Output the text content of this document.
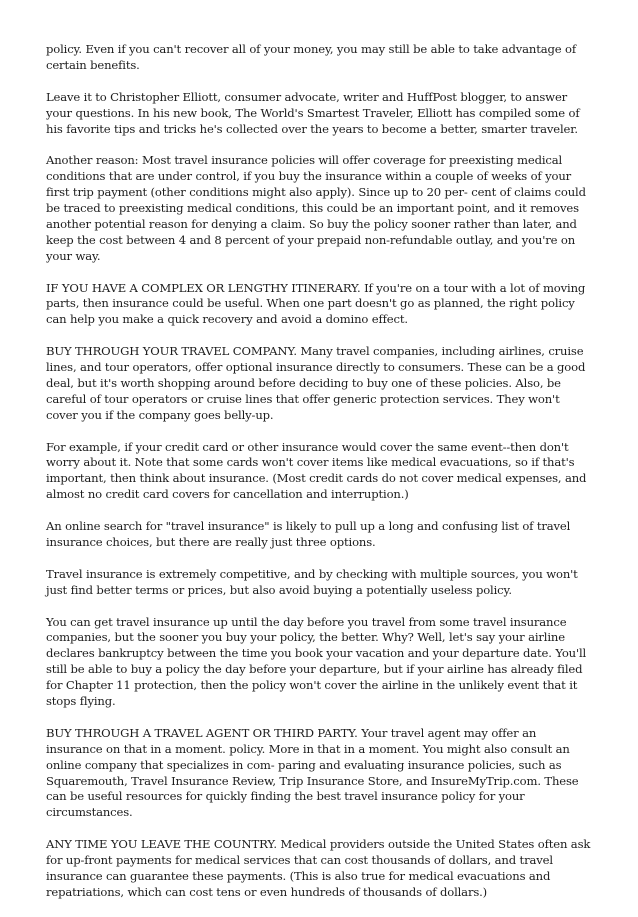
policy. Even if you can't recover all of your money, you may still be able to take advantage of certain benefits.

Leave it to Christopher Elliott, consumer advocate, writer and HuffPost blogger, to answer your questions. In his new book, The World's Smartest Traveler, Elliott has compiled some of his favorite tips and tricks he's collected over the years to become a better, smarter traveler.

Another reason: Most travel insurance policies will offer coverage for preexisting medical conditions that are under control, if you buy the insurance within a couple of weeks of your first trip payment (other conditions might also apply). Since up to 20 per- cent of claims could be traced to preexisting medical conditions, this could be an important point, and it removes another potential reason for denying a claim. So buy the policy sooner rather than later, and keep the cost between 4 and 8 percent of your prepaid non-refundable outlay, and you're on your way.

IF YOU HAVE A COMPLEX OR LENGTHY ITINERARY. If you're on a tour with a lot of moving parts, then insurance could be useful. When one part doesn't go as planned, the right policy can help you make a quick recovery and avoid a domino effect.

BUY THROUGH YOUR TRAVEL COMPANY. Many travel companies, including airlines, cruise lines, and tour operators, offer optional insurance directly to consumers. These can be a good deal, but it's worth shopping around before deciding to buy one of these policies. Also, be careful of tour operators or cruise lines that offer generic protection services. They won't cover you if the company goes belly-up.

For example, if your credit card or other insurance would cover the same event--then don't worry about it. Note that some cards won't cover items like medical evacuations, so if that's important, then think about insurance. (Most credit cards do not cover medical expenses, and almost no credit card covers for cancellation and interruption.)

An online search for "travel insurance" is likely to pull up a long and confusing list of travel insurance choices, but there are really just three options.

Travel insurance is extremely competitive, and by checking with multiple sources, you won't just find better terms or prices, but also avoid buying a potentially useless policy.

You can get travel insurance up until the day before you travel from some travel insurance companies, but the sooner you buy your policy, the better. Why? Well, let's say your airline declares bankruptcy between the time you book your vacation and your departure date. You'll still be able to buy a policy the day before your departure, but if your airline has already filed for Chapter 11 protection, then the policy won't cover the airline in the unlikely event that it stops flying.

BUY THROUGH A TRAVEL AGENT OR THIRD PARTY. Your travel agent may offer an insurance on that in a moment. policy. More in that in a moment. You might also consult an online company that specializes in com- paring and evaluating insurance policies, such as Squaremouth, Travel Insurance Review, Trip Insurance Store, and InsureMyTrip.com. These can be useful resources for quickly finding the best travel insurance policy for your circumstances.

ANY TIME YOU LEAVE THE COUNTRY. Medical providers outside the United States often ask for up-front payments for medical services that can cost thousands of dollars, and travel insurance can guarantee these payments. (This is also true for medical evacuations and repatriations, which can cost tens or even hundreds of thousands of dollars.)
